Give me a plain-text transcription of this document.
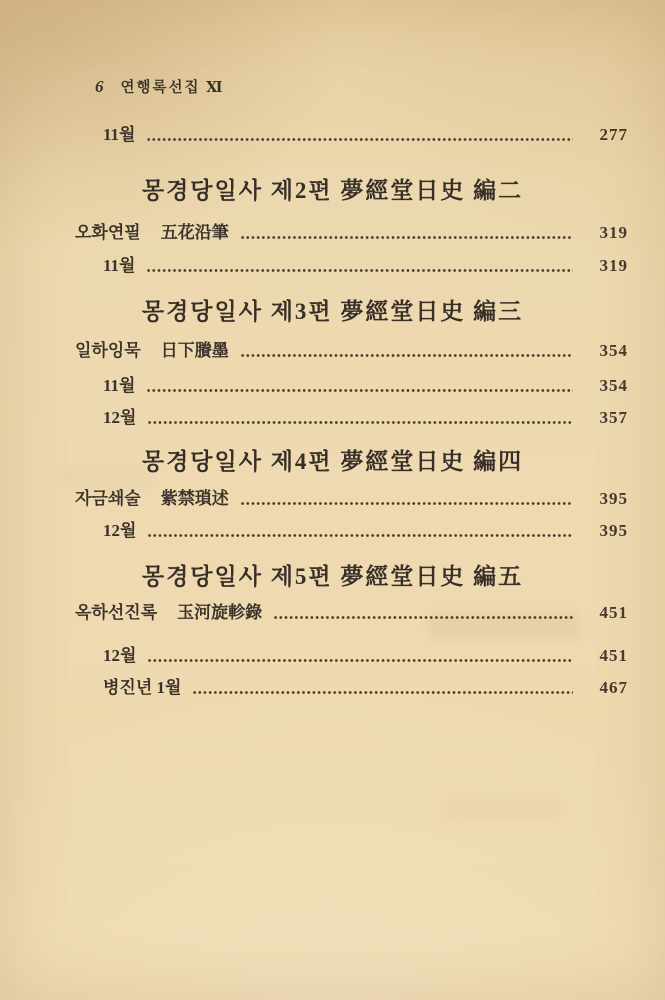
6 연행록선집 Ⅺ
11월	277
몽경당일사 제2편 夢經堂日史 編二
오화연필 五花沿筆	319
11월	319
몽경당일사 제3편 夢經堂日史 編三
일하잉묵 日下賸墨	354
11월	354
12월	357
몽경당일사 제4편 夢經堂日史 編四
자금쇄술 紫禁瑣述	395
12월	395
몽경당일사 제5편 夢經堂日史 編五
옥하선진록 玉河旋軫錄	451
12월	451
병진년 1월	467
